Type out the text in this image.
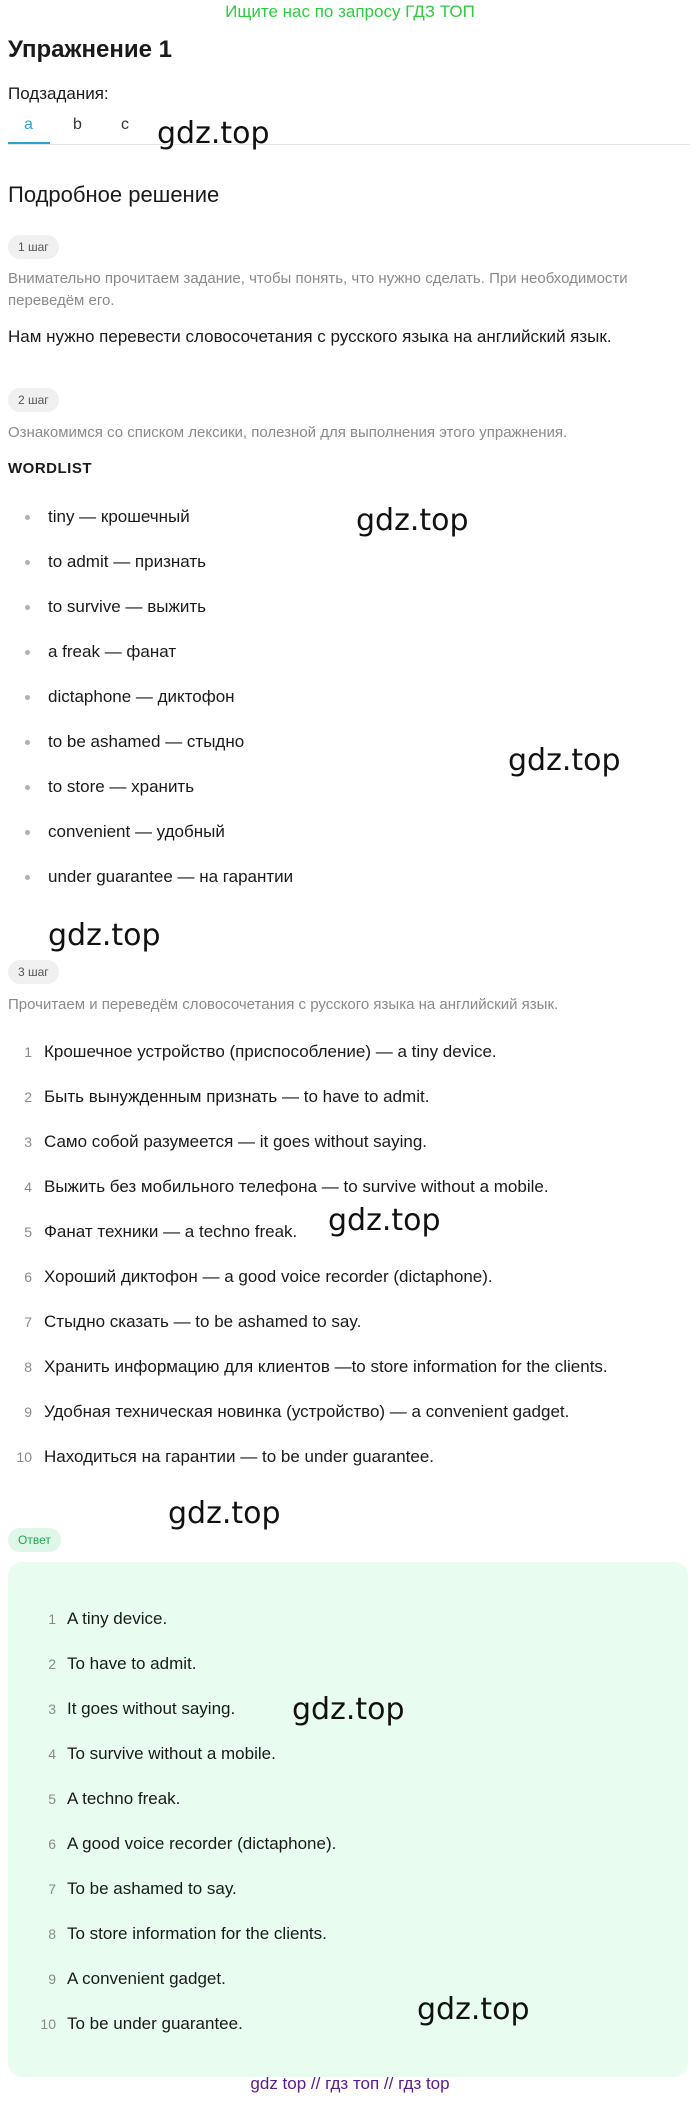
Ищите нас по запросу ГДЗ ТОП
Упражнение 1
Подзадания:
a	b c
Подробное решение
1 шаг
Внимательно прочитаем задание, чтобы понять, что нужно сделать. При необходимости переведём его.
Нам нужно перевести словосочетания с русского языка на английский язык.
2 шаг
Ознакомимся со списком лексики, полезной для выполнения этого упражнения.
WORDLIST
tiny — крошечный
to admit — признать
to survive — выжить
a freak — фанат
dictaphone — диктофон
to be ashamed — стыдно
to store — хранить
convenient — удобный
under guarantee — на гарантии
3 шаг
Прочитаем и переведём словосочетания с русского языка на английский язык.
1 Крошечное устройство (приспособление) — a tiny device.
2 Быть вынужденным признать — to have to admit.
3 Само собой разумеется — it goes without saying.
4 Выжить без мобильного телефона — to survive without a mobile.
5 Фанат техники — a techno freak.
6 Хороший диктофон — a good voice recorder (dictaphone).
7 Стыдно сказать — to be ashamed to say.
8 Хранить информацию для клиентов —to store information for the clients.
9 Удобная техническая новинка (устройство) — a convenient gadget.
10 Находиться на гарантии — to be under guarantee.
Ответ
1 A tiny device.
2 To have to admit.
3 It goes without saying.
4 To survive without a mobile.
5 A techno freak.
6 A good voice recorder (dictaphone).
7 To be ashamed to say.
8 To store information for the clients.
9 A convenient gadget.
10 To be under guarantee.
gdz.top
gdz.top
gdz.top
gdz.top
gdz.top
gdz.top
gdz.top
gdz.top
gdz top // гдз топ // гдз top
